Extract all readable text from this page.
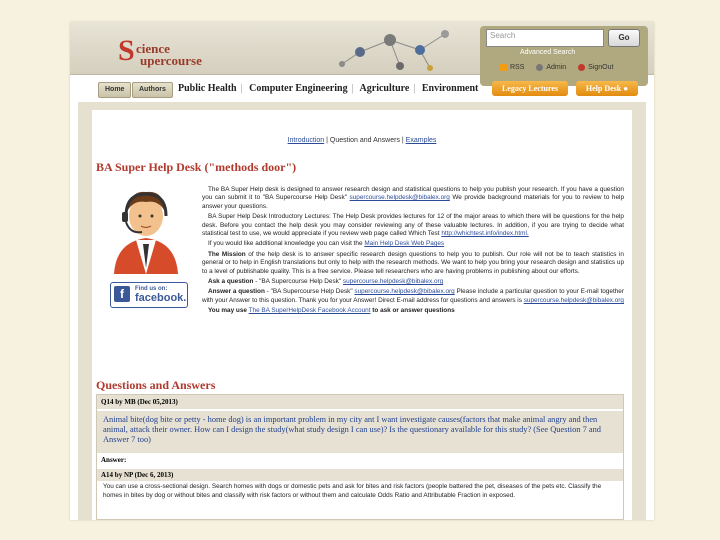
S cience
upercourse
Search	Go
Advanced Search
RSS
	Admin
	SignOut
Home	Authors	Public Health | Computer Engineering | Agriculture | Environment	Legacy Lectures	Help Desk ●
Introduction | Question and Answers | Examples
BA Super Help Desk ("methods door")
f	Find us on:
facebook.

The BA Super Help desk is designed to answer research design and statistical questions to help you publish your research. If you have a question you can submit it to "BA Supercourse Help Desk" supercourse.helpdesk@bibalex.org We provide background materials for you to review to help answer your questions.

BA Super Help Desk Introductory Lectures: The Help Desk provides lectures for 12 of the major areas to which there will be questions for the help desk. Before you contact the help desk you may consider reviewing any of these valuable lectures. In addition, if you are trying to decide what statistical test to use, we would appreciate if you review web page called Which Test http://whichtest.info/index.html.

If you would like additional knowledge you can visit the Main Help Desk Web Pages

The Mission of the help desk is to answer specific research design questions to help you to publish. Our role will not be to teach statistics in general or to help in English translations but only to help with the research methods. We want to help you bring your research design and statistics up to a level of publishable quality. This is a free service. Please tell researchers who are having problems in publishing about our efforts.

Ask a question - "BA Supercourse Help Desk" supercourse.helpdesk@bibalex.org

Answer a question - "BA Supercourse Help Desk" supercourse.helpdesk@bibalex.org Please include a particular question to your E-mail together with your Answer to this question. Thank you for your Answer! Direct E-mail address for questions and answers is supercourse.helpdesk@bibalex.org

You may use The BA SuperHelpDesk Facebook Account to ask or answer questions

Questions and Answers
Q14 by MB (Dec 05,2013)
Animal bite(dog bite or petty - home dog) is an important problem in my city ant I want investigate causes(factors that make animal angry and then animal, attack their owner. How can I design the study(what study design I can use)? Is the questionary available for this study? (See Question 7 and Answer 7 too)
Answer:
A14 by NP (Dec 6, 2013)
You can use a cross-sectional design. Search homes with dogs or domestic pets and ask for bites and risk factors (people battered the pet, diseases of the pets etc. Classify the homes in bites by dog or without bites and classify with risk factors or without them and calculate Odds Ratio and Attributable Fraction in exposed.
